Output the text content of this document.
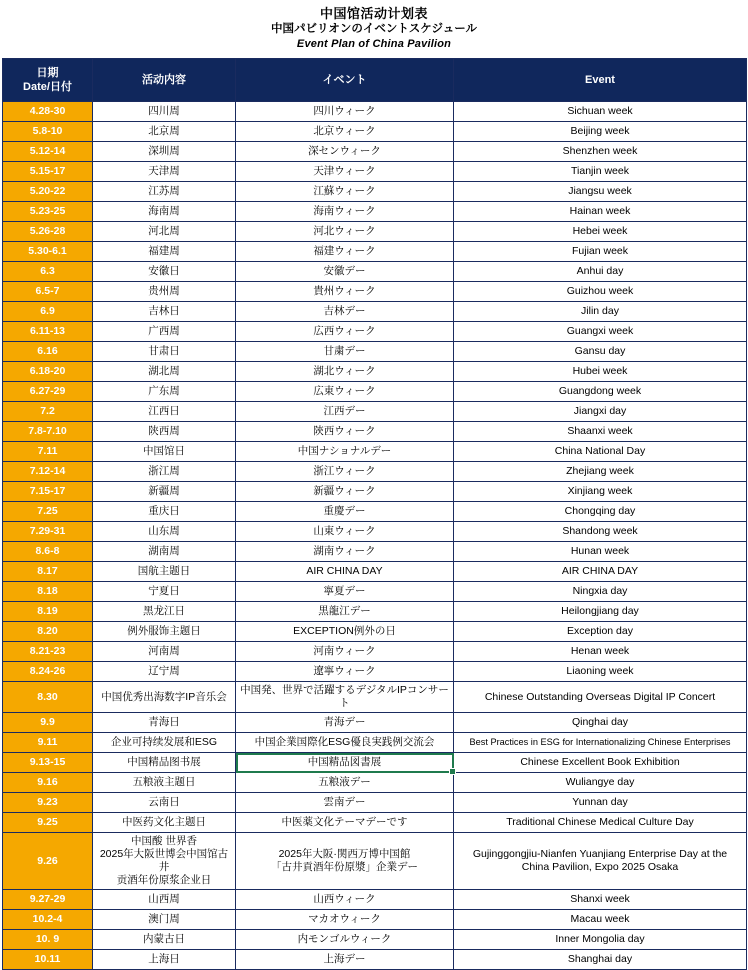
中国馆活动计划表
中国パビリオンのイベントスケジュール
Event Plan of China Pavilion
日期
Date/日付	活动内容	イベント	Event
4.28-30	四川周	四川ウィーク	Sichuan week
5.8-10	北京周	北京ウィーク	Beijing week
5.12-14	深圳周	深センウィーク	Shenzhen week
5.15-17	天津周	天津ウィーク	Tianjin week
5.20-22	江苏周	江蘇ウィーク	Jiangsu week
5.23-25	海南周	海南ウィーク	Hainan week
5.26-28	河北周	河北ウィーク	Hebei week
5.30-6.1	福建周	福建ウィーク	Fujian week
6.3	安徽日	安徽デー	Anhui day
6.5-7	贵州周	貴州ウィーク	Guizhou week
6.9	吉林日	吉林デー	Jilin day
6.11-13	广西周	広西ウィーク	Guangxi week
6.16	甘肃日	甘粛デー	Gansu day
6.18-20	湖北周	湖北ウィーク	Hubei week
6.27-29	广东周	広東ウィーク	Guangdong week
7.2	江西日	江西デー	Jiangxi day
7.8-7.10	陕西周	陝西ウィーク	Shaanxi week
7.11	中国馆日	中国ナショナルデー	China National Day
7.12-14	浙江周	浙江ウィーク	Zhejiang week
7.15-17	新疆周	新疆ウィーク	Xinjiang week
7.25	重庆日	重慶デー	Chongqing day
7.29-31	山东周	山東ウィーク	Shandong week
8.6-8	湖南周	湖南ウィーク	Hunan week
8.17	国航主题日	AIR CHINA DAY	AIR CHINA DAY
8.18	宁夏日	寧夏デー	Ningxia day
8.19	黑龙江日	黒龍江デー	Heilongjiang day
8.20	例外服饰主题日	EXCEPTION例外の日	Exception day
8.21-23	河南周	河南ウィーク	Henan week
8.24-26	辽宁周	遼寧ウィーク	Liaoning week
8.30	中国优秀出海数字IP音乐会	中国発、世界で活躍するデジタルIPコンサート	Chinese Outstanding Overseas Digital IP Concert
9.9	青海日	青海デー	Qinghai day
9.11	企业可持续发展和ESG	中国企業国際化ESG優良実践例交流会	Best Practices in ESG for Internationalizing Chinese Enterprises
9.13-15	中国精品图书展	中国精品図書展	Chinese Excellent Book Exhibition
9.16	五粮液主题日	五粮液デー	Wuliangye day
9.23	云南日	雲南デー	Yunnan day
9.25	中医药文化主题日	中医薬文化テーマデーです	Traditional Chinese Medical Culture Day
9.26	中国酸 世界香
2025年大阪世博会中国馆古井
贡酒年份原浆企业日	2025年大阪·関西万博中国館
「古井貢酒年份原漿」企業デー	Gujinggongjiu-Nianfen Yuanjiang Enterprise Day at the
China Pavilion, Expo 2025 Osaka

9.27-29	山西周	山西ウィーク	Shanxi week
10.2-4	澳门周	マカオウィーク	Macau week
10. 9	内蒙古日	内モンゴルウィーク	Inner Mongolia day
10.11	上海日	上海デー	Shanghai day
